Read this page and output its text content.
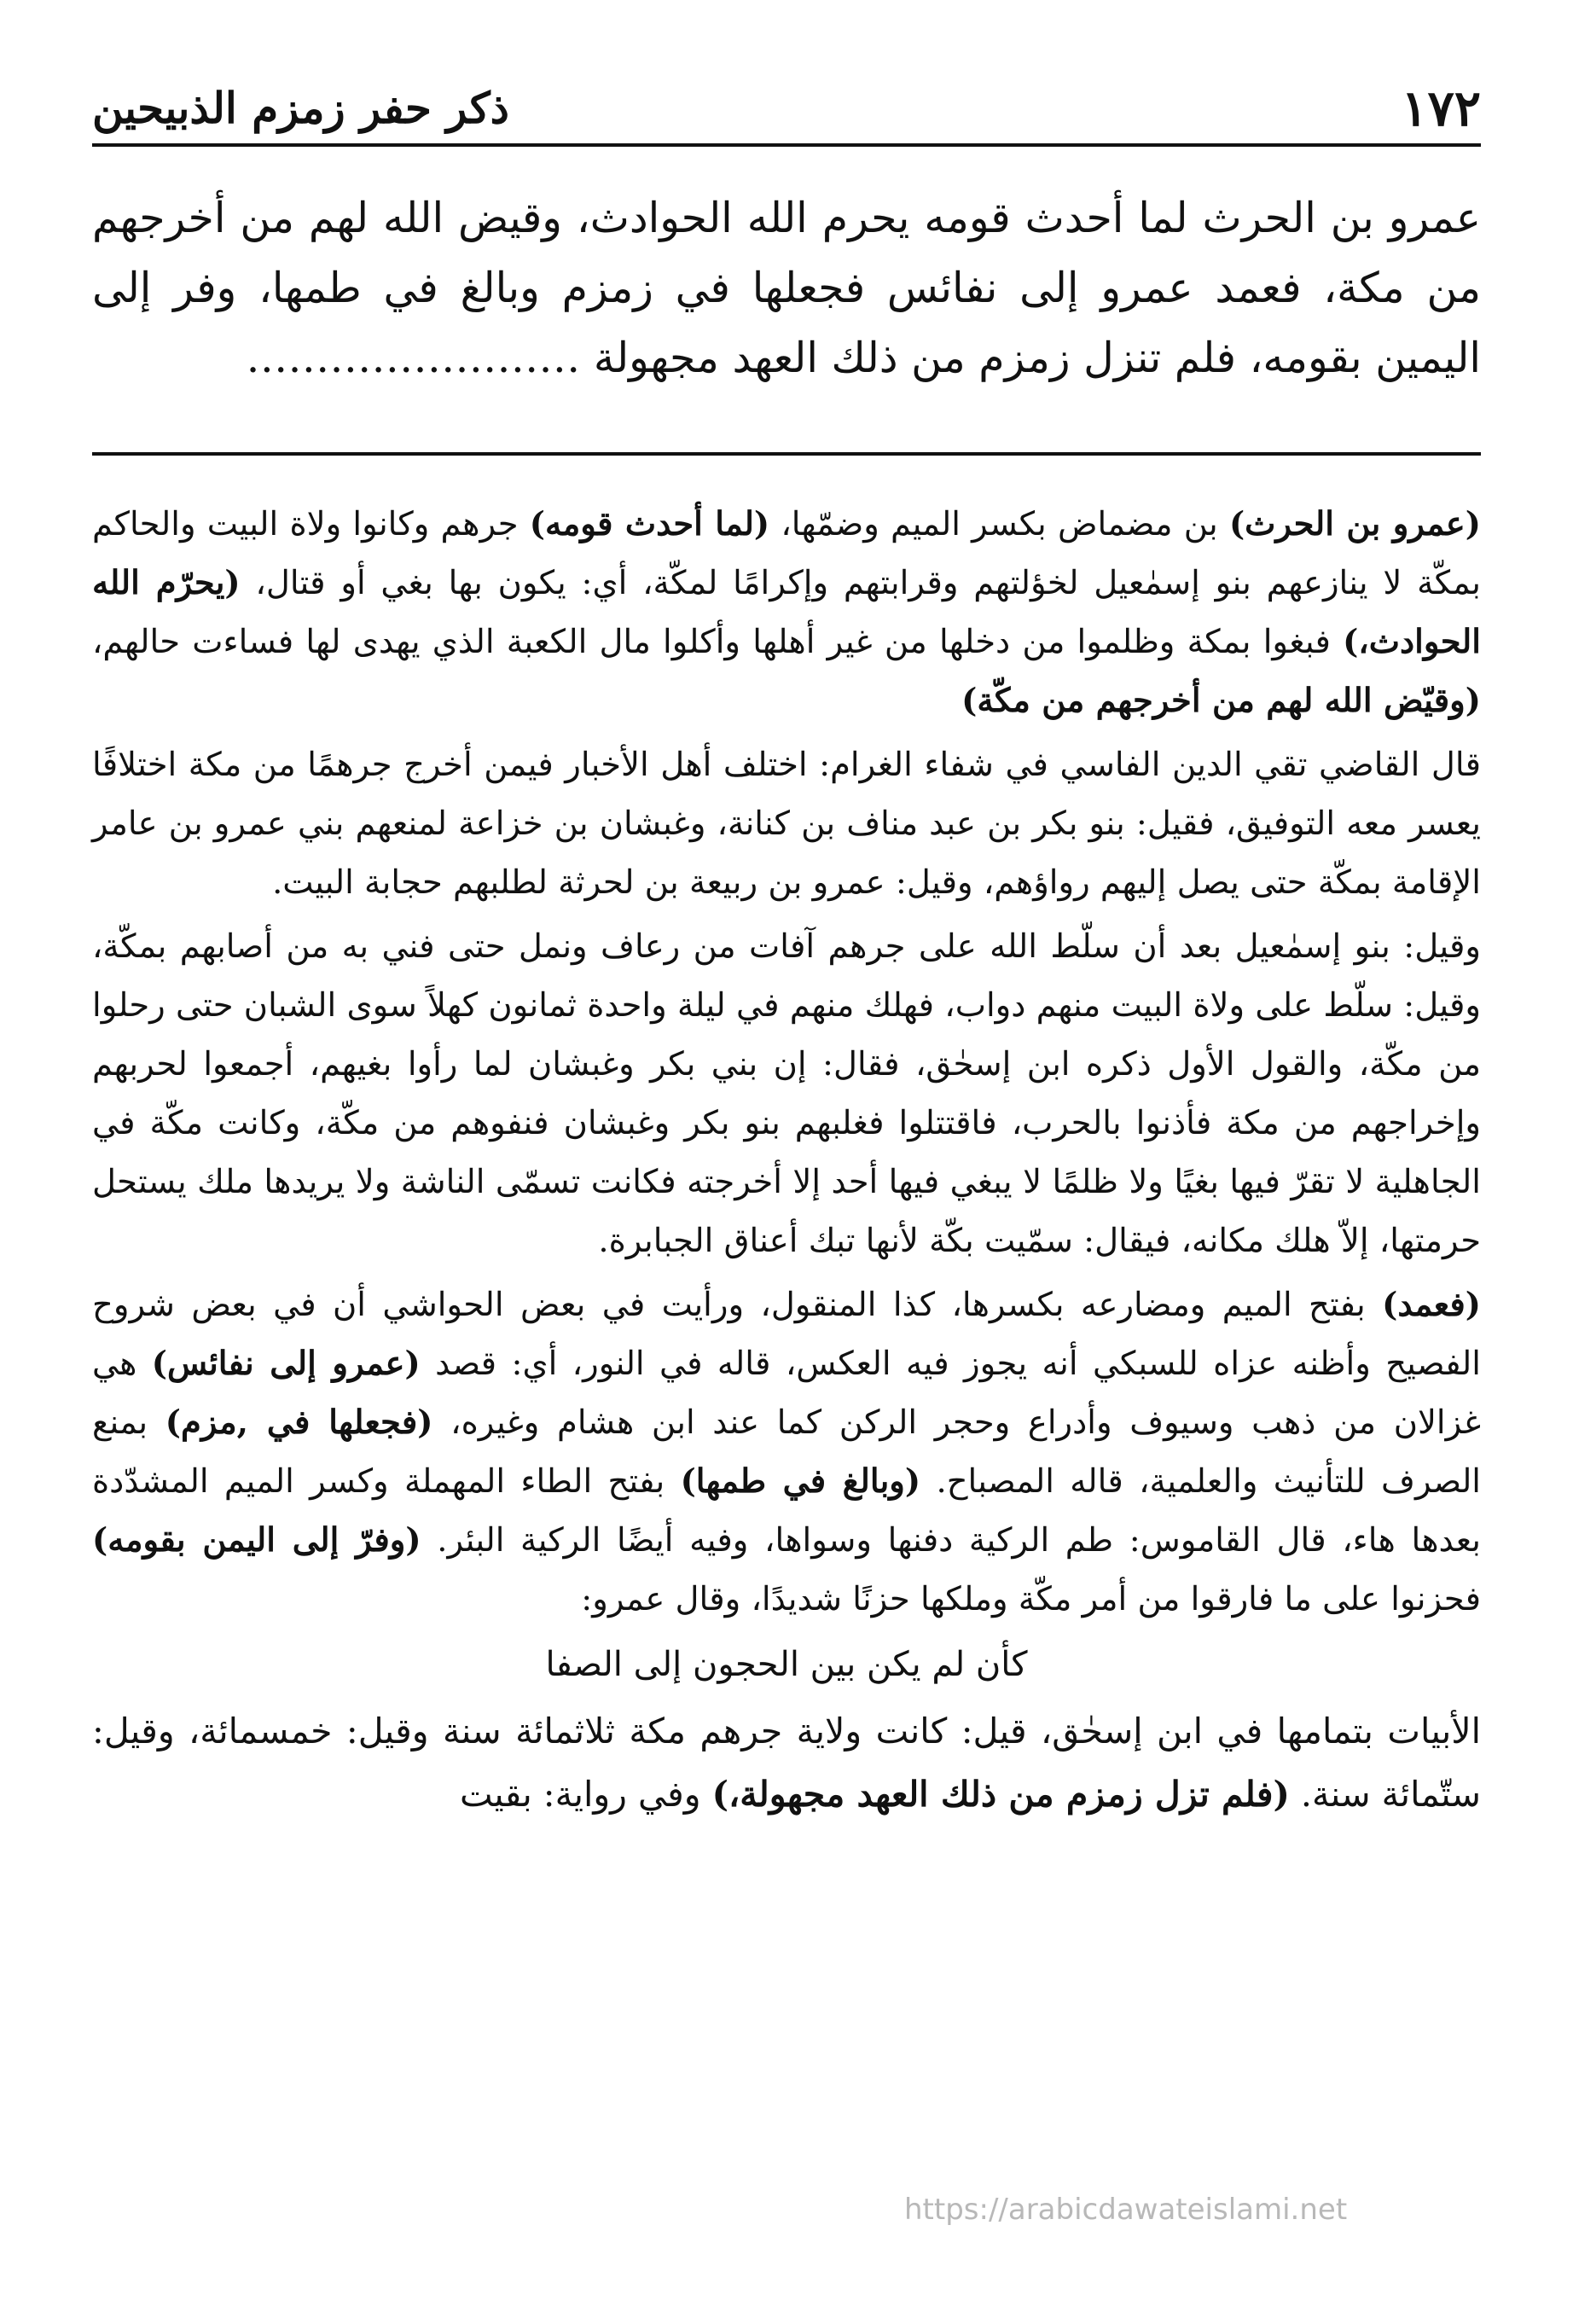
١٧٢
ذكر حفر زمزم الذبيحين

عمرو بن الحرث لما أحدث قومه يحرم الله الحوادث، وقيض الله لهم من أخرجهم من مكة، فعمد عمرو إلى نفائس فجعلها في زمزم وبالغ في طمها، وفر إلى اليمين بقومه، فلم تنزل زمزم من ذلك العهد مجهولة ……………………

(عمرو بن الحرث) بن مضماض بكسر الميم وضمّها، (لما أحدث قومه) جرهم وكانوا ولاة البيت والحاكم بمكّة لا ينازعهم بنو إسمٰعيل لخؤلتهم وقرابتهم وإكرامًا لمكّة، أي: يكون بها بغي أو قتال، (يحرّم الله الحوادث،) فبغوا بمكة وظلموا من دخلها من غير أهلها وأكلوا مال الكعبة الذي يهدى لها فساءت حالهم، (وقيّض الله لهم من أخرجهم من مكّة)

قال القاضي تقي الدين الفاسي في شفاء الغرام: اختلف أهل الأخبار فيمن أخرج جرهمًا من مكة اختلافًا يعسر معه التوفيق، فقيل: بنو بكر بن عبد مناف بن كنانة، وغبشان بن خزاعة لمنعهم بني عمرو بن عامر الإقامة بمكّة حتى يصل إليهم رواؤهم، وقيل: عمرو بن ربيعة بن لحرثة لطلبهم حجابة البيت.

وقيل: بنو إسمٰعيل بعد أن سلّط الله على جرهم آفات من رعاف ونمل حتى فني به من أصابهم بمكّة، وقيل: سلّط على ولاة البيت منهم دواب، فهلك منهم في ليلة واحدة ثمانون كهلاً سوى الشبان حتى رحلوا من مكّة، والقول الأول ذكره ابن إسحٰق، فقال: إن بني بكر وغبشان لما رأوا بغيهم، أجمعوا لحربهم وإخراجهم من مكة فأذنوا بالحرب، فاقتتلوا فغلبهم بنو بكر وغبشان فنفوهم من مكّة، وكانت مكّة في الجاهلية لا تقرّ فيها بغيًا ولا ظلمًا لا يبغي فيها أحد إلا أخرجته فكانت تسمّى الناشة ولا يريدها ملك يستحل حرمتها، إلاّ هلك مكانه، فيقال: سمّيت بكّة لأنها تبك أعناق الجبابرة.

(فعمد) بفتح الميم ومضارعه بكسرها، كذا المنقول، ورأيت في بعض الحواشي أن في بعض شروح الفصيح وأظنه عزاه للسبكي أنه يجوز فيه العكس، قاله في النور، أي: قصد (عمرو إلى نفائس) هي غزالان من ذهب وسيوف وأدراع وحجر الركن كما عند ابن هشام وغيره، (فجعلها في ,مزم) بمنع الصرف للتأنيث والعلمية، قاله المصباح. (وبالغ في طمها) بفتح الطاء المهملة وكسر الميم المشدّدة بعدها هاء، قال القاموس: طم الركية دفنها وسواها، وفيه أيضًا الركية البئر. (وفرّ إلى اليمن بقومه) فحزنوا على ما فارقوا من أمر مكّة وملكها حزنًا شديدًا، وقال عمرو:

كأن لم يكن بين الحجون إلى الصفا

الأبيات بتمامها في ابن إسحٰق، قيل: كانت ولاية جرهم مكة ثلاثمائة سنة وقيل: خمسمائة، وقيل: ستّمائة سنة. (فلم تزل زمزم من ذلك العهد مجهولة،) وفي رواية: بقيت

https://arabicdawateislami.net
